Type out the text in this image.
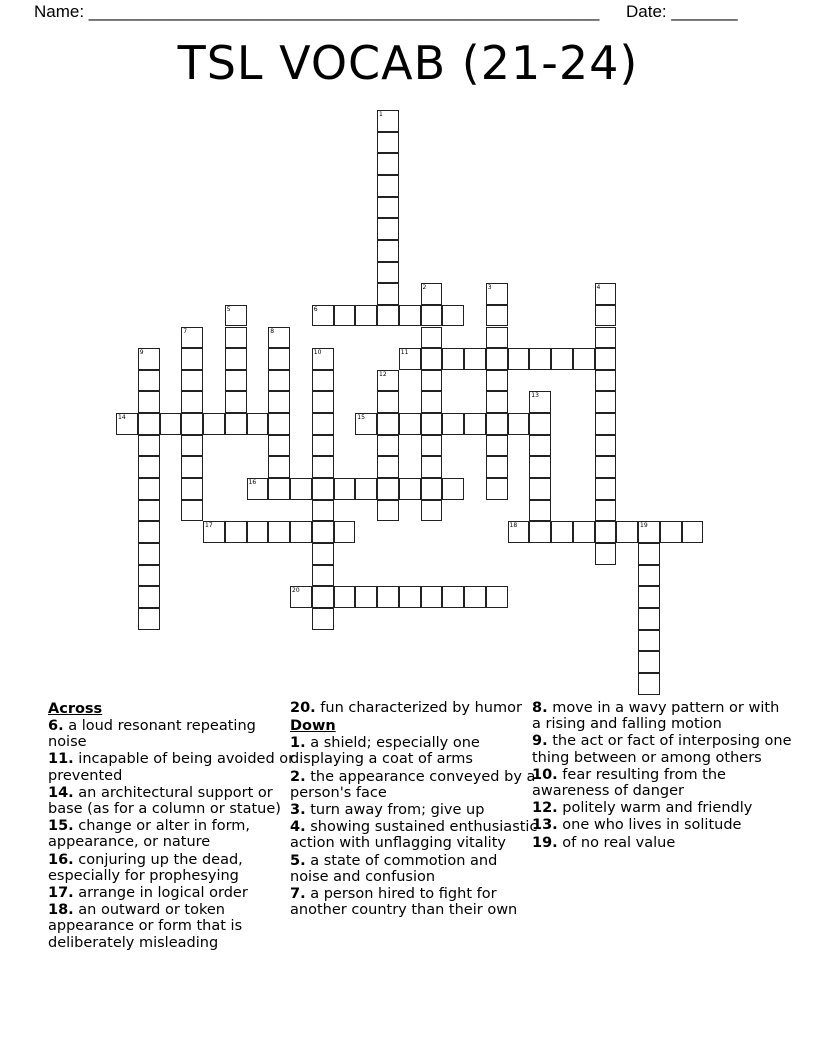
Name: ______________________________________________________ Date: _______
TSL VOCAB (21-24)
1
2	3	4
5	6
7	8
9	10	11
12
13
14	15
16
17	18	19
20
Across
6. a loud resonant repeating noise
11. incapable of being avoided or prevented
14. an architectural support or base (as for a column or statue)
15. change or alter in form, appearance, or nature
16. conjuring up the dead, especially for prophesying
17. arrange in logical order
18. an outward or token appearance or form that is deliberately misleading
20. fun characterized by humor
Down
1. a shield; especially one displaying a coat of arms
2. the appearance conveyed by a person's face
3. turn away from; give up
4. showing sustained enthusiastic action with unflagging vitality
5. a state of commotion and noise and confusion
7. a person hired to fight for another country than their own
8. move in a wavy pattern or with a rising and falling motion
9. the act or fact of interposing one thing between or among others
10. fear resulting from the awareness of danger
12. politely warm and friendly
13. one who lives in solitude
19. of no real value
